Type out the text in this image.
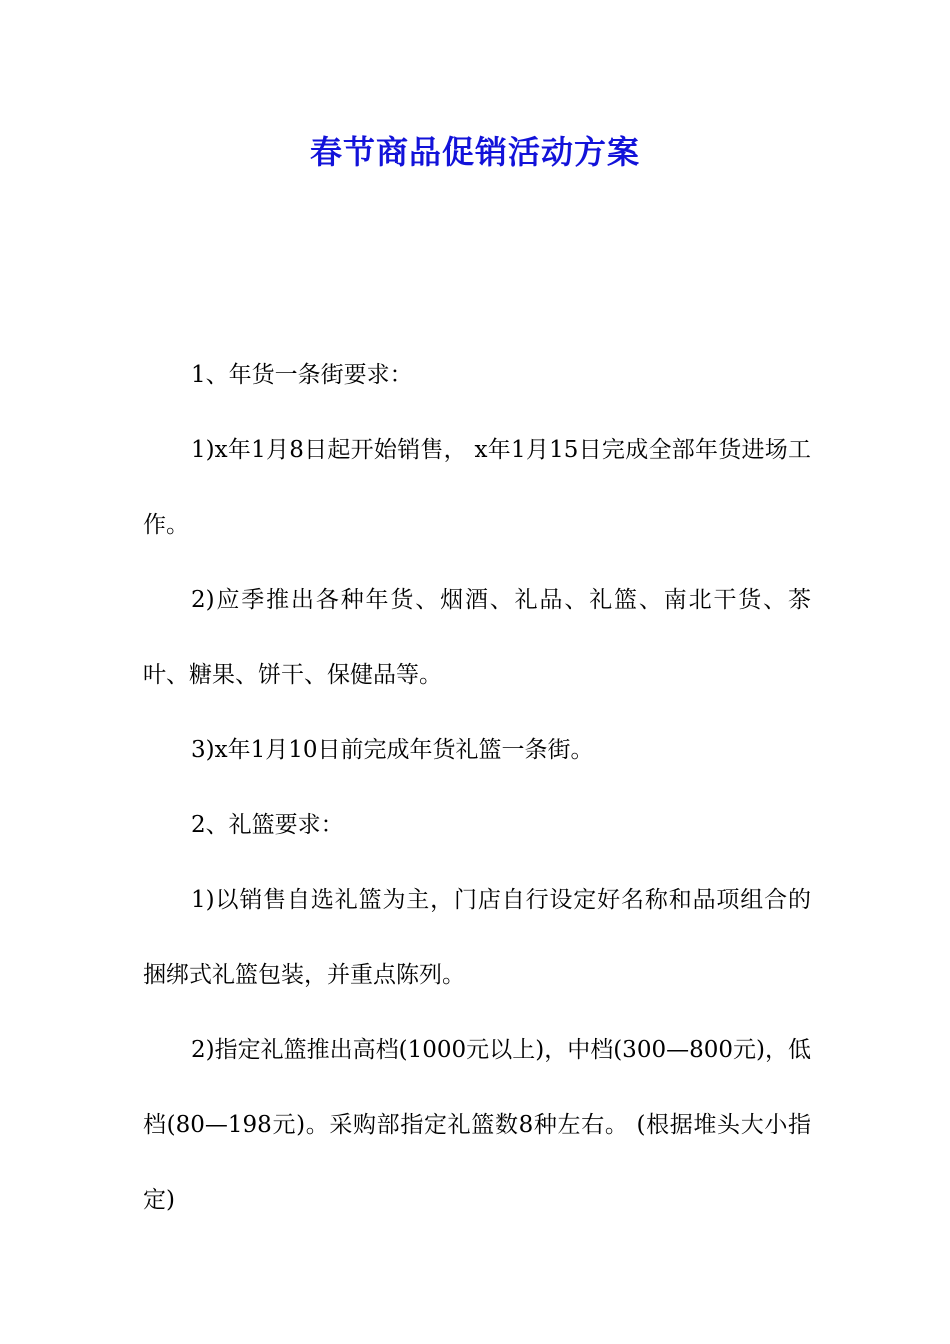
春节商品促销活动方案

1、年货一条街要求：

1)x年1月8日起开始销售， x年1月15日完成全部年货进场工作。

2)应季推出各种年货、烟酒、礼品、礼篮、南北干货、茶叶、糖果、饼干、保健品等。

3)x年1月10日前完成年货礼篮一条街。

2、礼篮要求：

1)以销售自选礼篮为主，门店自行设定好名称和品项组合的捆绑式礼篮包装，并重点陈列。

2)指定礼篮推出高档(1000元以上)，中档(300—800元)，低档(80—198元)。采购部指定礼篮数8种左右。 (根据堆头大小指定)
